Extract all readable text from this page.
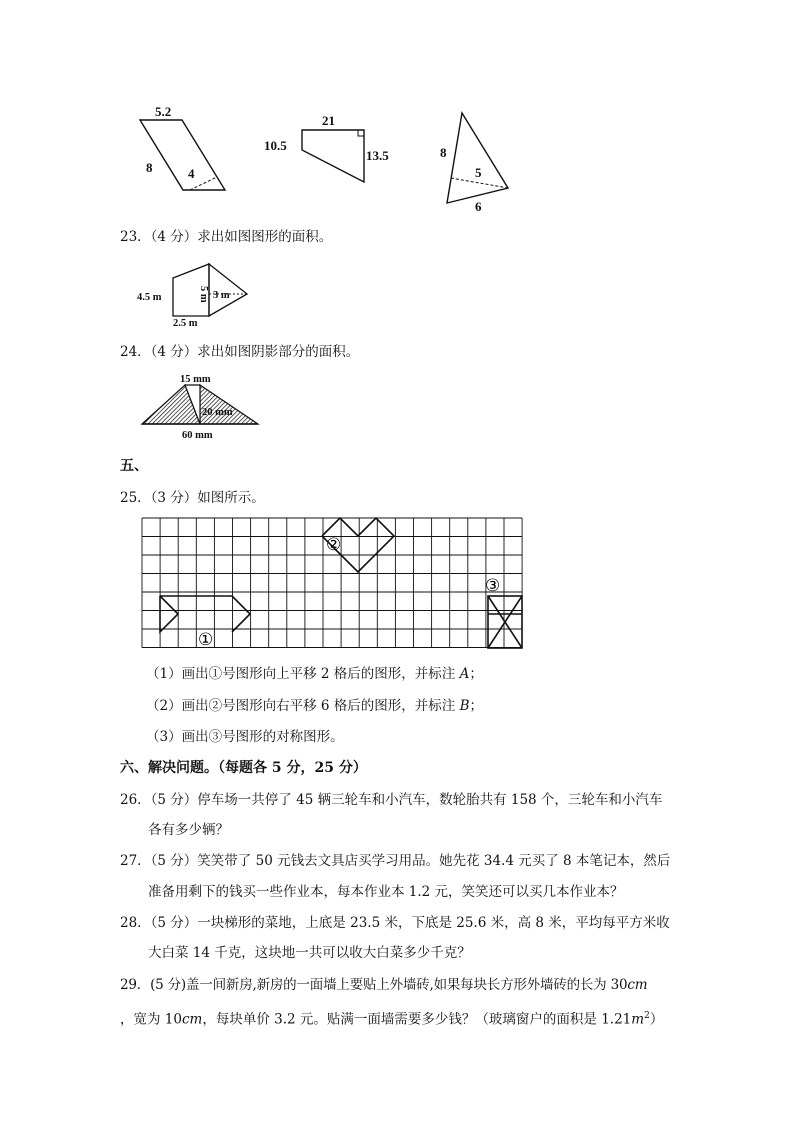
5.2
8	4
21
10.5
13.5	8
5
6
23．（4 分）求出如图图形的面积。
4.5 m	5 m 3 m
2.5 m
24．（4 分）求出如图阴影部分的面积。
15 mm
20 mm
60 mm
五、
25．（3 分）如图所示。
①
②
③
（1）画出①号图形向上平移 2 格后的图形，并标注 A；
（2）画出②号图形向右平移 6 格后的图形，并标注 B；
（3）画出③号图形的对称图形。
六、解决问题。（每题各 5 分，25 分）
26．（5 分）停车场一共停了 45 辆三轮车和小汽车，数轮胎共有 158 个，三轮车和小汽车
各有多少辆？
27．（5 分）笑笑带了 50 元钱去文具店买学习用品。她先花 34.4 元买了 8 本笔记本，然后
准备用剩下的钱买一些作业本，每本作业本 1.2 元，笑笑还可以买几本作业本？
28．（5 分）一块梯形的菜地，上底是 23.5 米，下底是 25.6 米，高 8 米，平均每平方米收
大白菜 14 千克，这块地一共可以收大白菜多少千克？
29．(5 分)盖一间新房,新房的一面墙上要贴上外墙砖,如果每块长方形外墙砖的长为 30cm
，宽为 10cm，每块单价 3.2 元。贴满一面墙需要多少钱？（玻璃窗户的面积是 $1.21m^2$）
